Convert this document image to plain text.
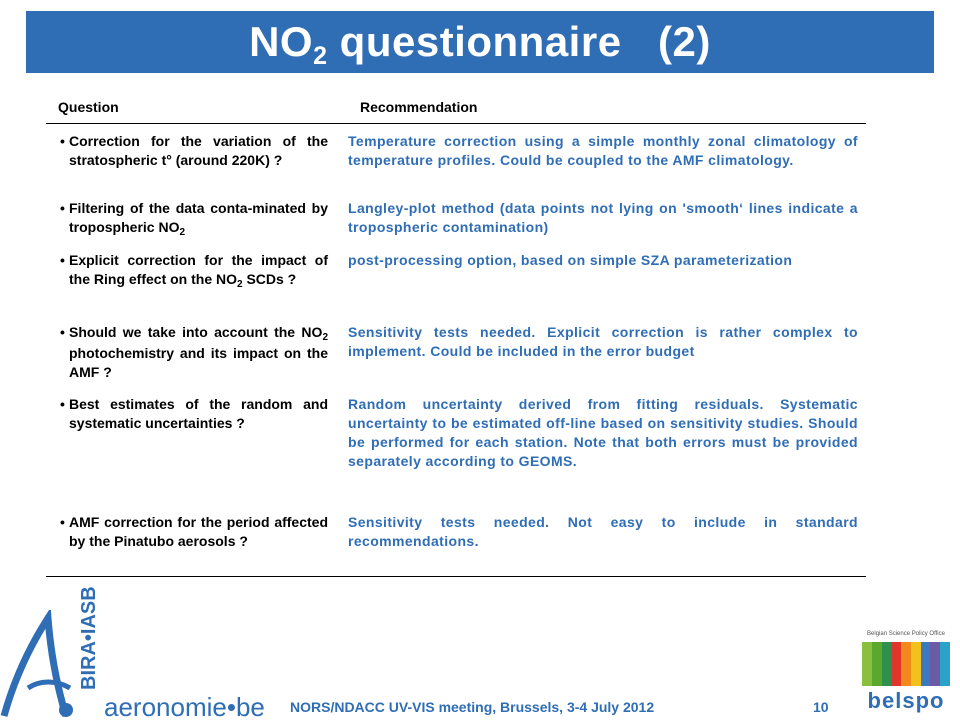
$NO_2$ questionnaire   (2)
Question	Recommendation
• Correction for the variation of the stratospheric t° (around 220K) ?
Temperature correction using a simple monthly zonal climatology of temperature profiles. Could be coupled to the AMF climatology.
• Filtering of the data conta-minated by tropospheric $NO_2$
Langley-plot method (data points not lying on 'smooth‘ lines indicate a tropospheric contamination)
• Explicit correction for the impact of the Ring effect on the $NO_2$ SCDs ?
post-processing option, based on simple SZA parameterization
• Should we take into account the $NO_2$ photochemistry and its impact on the AMF ?
Sensitivity tests needed. Explicit correction is rather complex to implement. Could be included in the error budget
• Best estimates of the random and systematic uncertainties ?
Random uncertainty derived from fitting residuals. Systematic uncertainty to be estimated off-line based on sensitivity studies. Should be performed for each station. Note that both errors must be provided separately according to GEOMS.
• AMF correction for the period affected by the Pinatubo aerosols ?
Sensitivity tests needed. Not easy to include in standard recommendations.
BIRA•IASB
aeronomie•be NORS/NDACC UV-VIS meeting, Brussels, 3-4 July 2012	10
Belgian Science Policy Office
belspo
